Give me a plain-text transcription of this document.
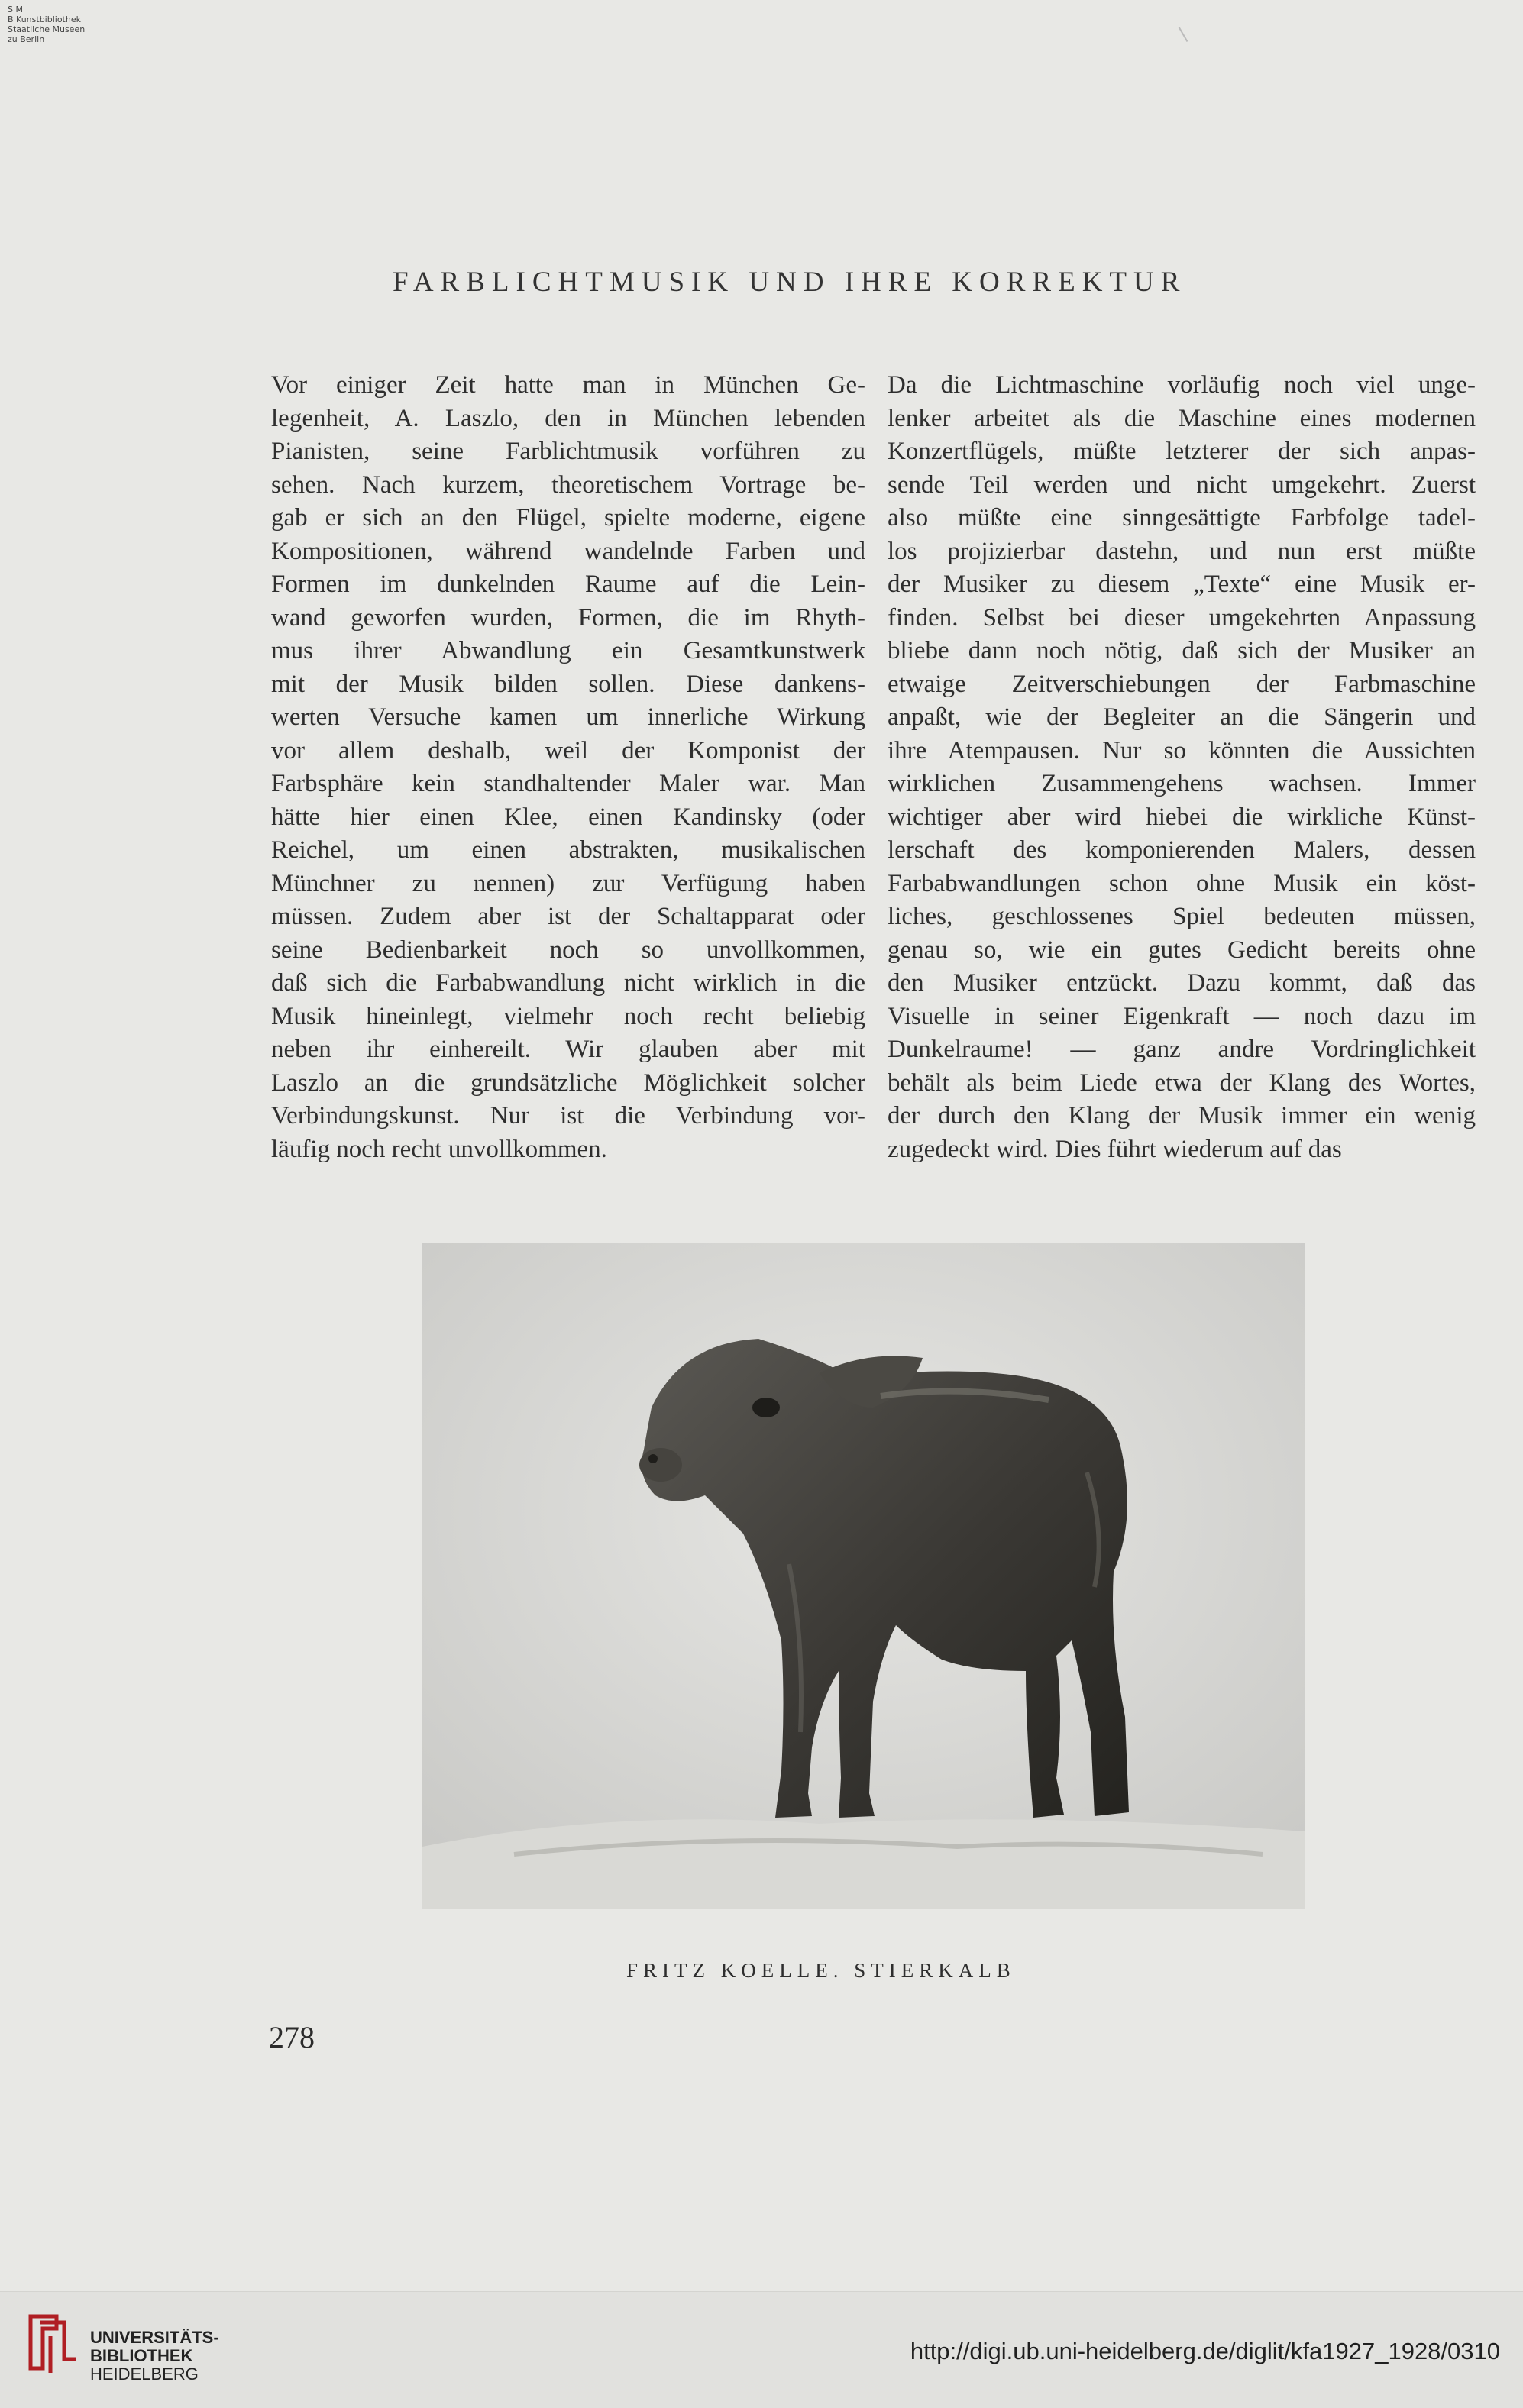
S M
B Kunstbibliothek
Staatliche Museen
zu Berlin
FARBLICHTMUSIK UND IHRE KORREKTUR
Vor einiger Zeit hatte man in München Ge-
legenheit, A. Laszlo, den in München lebenden
Pianisten, seine Farblichtmusik vorführen zu
sehen. Nach kurzem, theoretischem Vortrage be-
gab er sich an den Flügel, spielte moderne, eigene
Kompositionen, während wandelnde Farben und
Formen im dunkelnden Raume auf die Lein-
wand geworfen wurden, Formen, die im Rhyth-
mus ihrer Abwandlung ein Gesamtkunstwerk
mit der Musik bilden sollen. Diese dankens-
werten Versuche kamen um innerliche Wirkung
vor allem deshalb, weil der Komponist der
Farbsphäre kein standhaltender Maler war. Man
hätte hier einen Klee, einen Kandinsky (oder
Reichel, um einen abstrakten, musikalischen
Münchner zu nennen) zur Verfügung haben
müssen. Zudem aber ist der Schaltapparat oder
seine Bedienbarkeit noch so unvollkommen,
daß sich die Farbabwandlung nicht wirklich in die
Musik hineinlegt, vielmehr noch recht beliebig
neben ihr einhereilt. Wir glauben aber mit
Laszlo an die grundsätzliche Möglichkeit solcher
Verbindungskunst. Nur ist die Verbindung vor-
läufig noch recht unvollkommen.
Da die Lichtmaschine vorläufig noch viel unge-
lenker arbeitet als die Maschine eines modernen
Konzertflügels, müßte letzterer der sich anpas-
sende Teil werden und nicht umgekehrt. Zuerst
also müßte eine sinngesättigte Farbfolge tadel-
los projizierbar dastehn, und nun erst müßte
der Musiker zu diesem „Texte“ eine Musik er-
finden. Selbst bei dieser umgekehrten Anpassung
bliebe dann noch nötig, daß sich der Musiker an
etwaige Zeitverschiebungen der Farbmaschine
anpaßt, wie der Begleiter an die Sängerin und
ihre Atempausen. Nur so könnten die Aussichten
wirklichen Zusammengehens wachsen. Immer
wichtiger aber wird hiebei die wirkliche Künst-
lerschaft des komponierenden Malers, dessen
Farbabwandlungen schon ohne Musik ein köst-
liches, geschlossenes Spiel bedeuten müssen,
genau so, wie ein gutes Gedicht bereits ohne
den Musiker entzückt. Dazu kommt, daß das
Visuelle in seiner Eigenkraft — noch dazu im
Dunkelraume! — ganz andre Vordringlichkeit
behält als beim Liede etwa der Klang des Wortes,
der durch den Klang der Musik immer ein wenig
zugedeckt wird. Dies führt wiederum auf das
FRITZ KOELLE. STIERKALB
278
UNIVERSITÄTS-
BIBLIOTHEK
HEIDELBERG
http://digi.ub.uni-heidelberg.de/diglit/kfa1927_1928/0310
